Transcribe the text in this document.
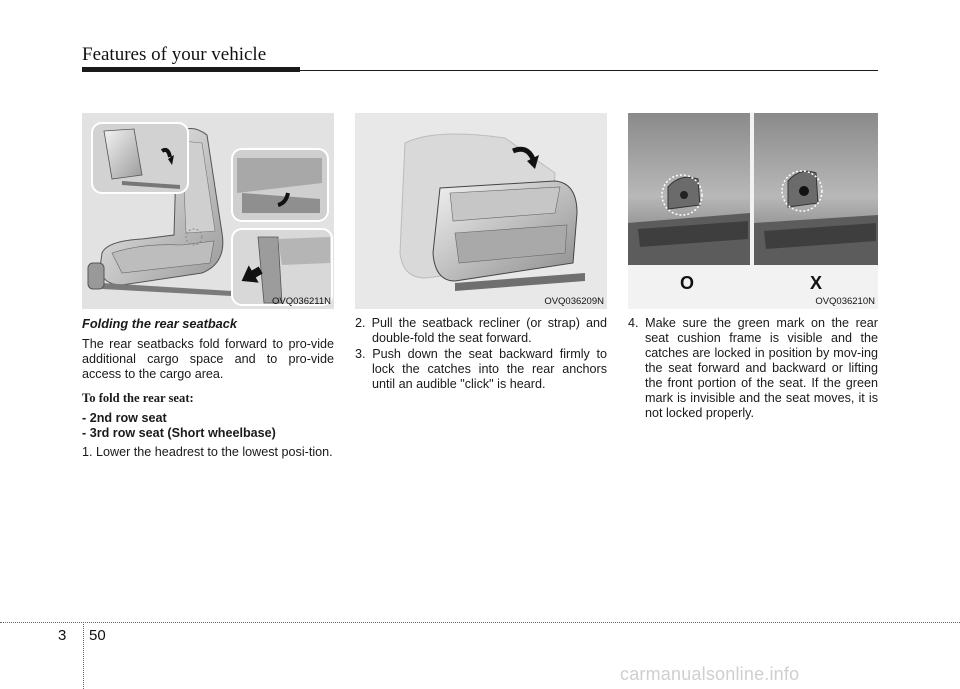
Features of your vehicle
OVQ036211N	OVQ036209N
O	X
OVQ036210N
Folding the rear seatback
The rear seatbacks fold forward to pro-vide additional cargo space and to pro-vide access to the cargo area.
To fold the rear seat:
- 2nd row seat
- 3rd row seat (Short wheelbase)
1. Lower the headrest to the lowest posi-tion.
2. Pull the seatback recliner (or strap) and double-fold the seat forward.
3. Push down the seat backward firmly to lock the catches into the rear anchors until an audible "click" is heard.
4. Make sure the green mark on the rear seat cushion frame is visible and the catches are locked in position by mov-ing the seat forward and backward or lifting the front portion of the seat. If the green mark is invisible and the seat moves, it is not locked properly.
3 50
carmanualsonline.info
